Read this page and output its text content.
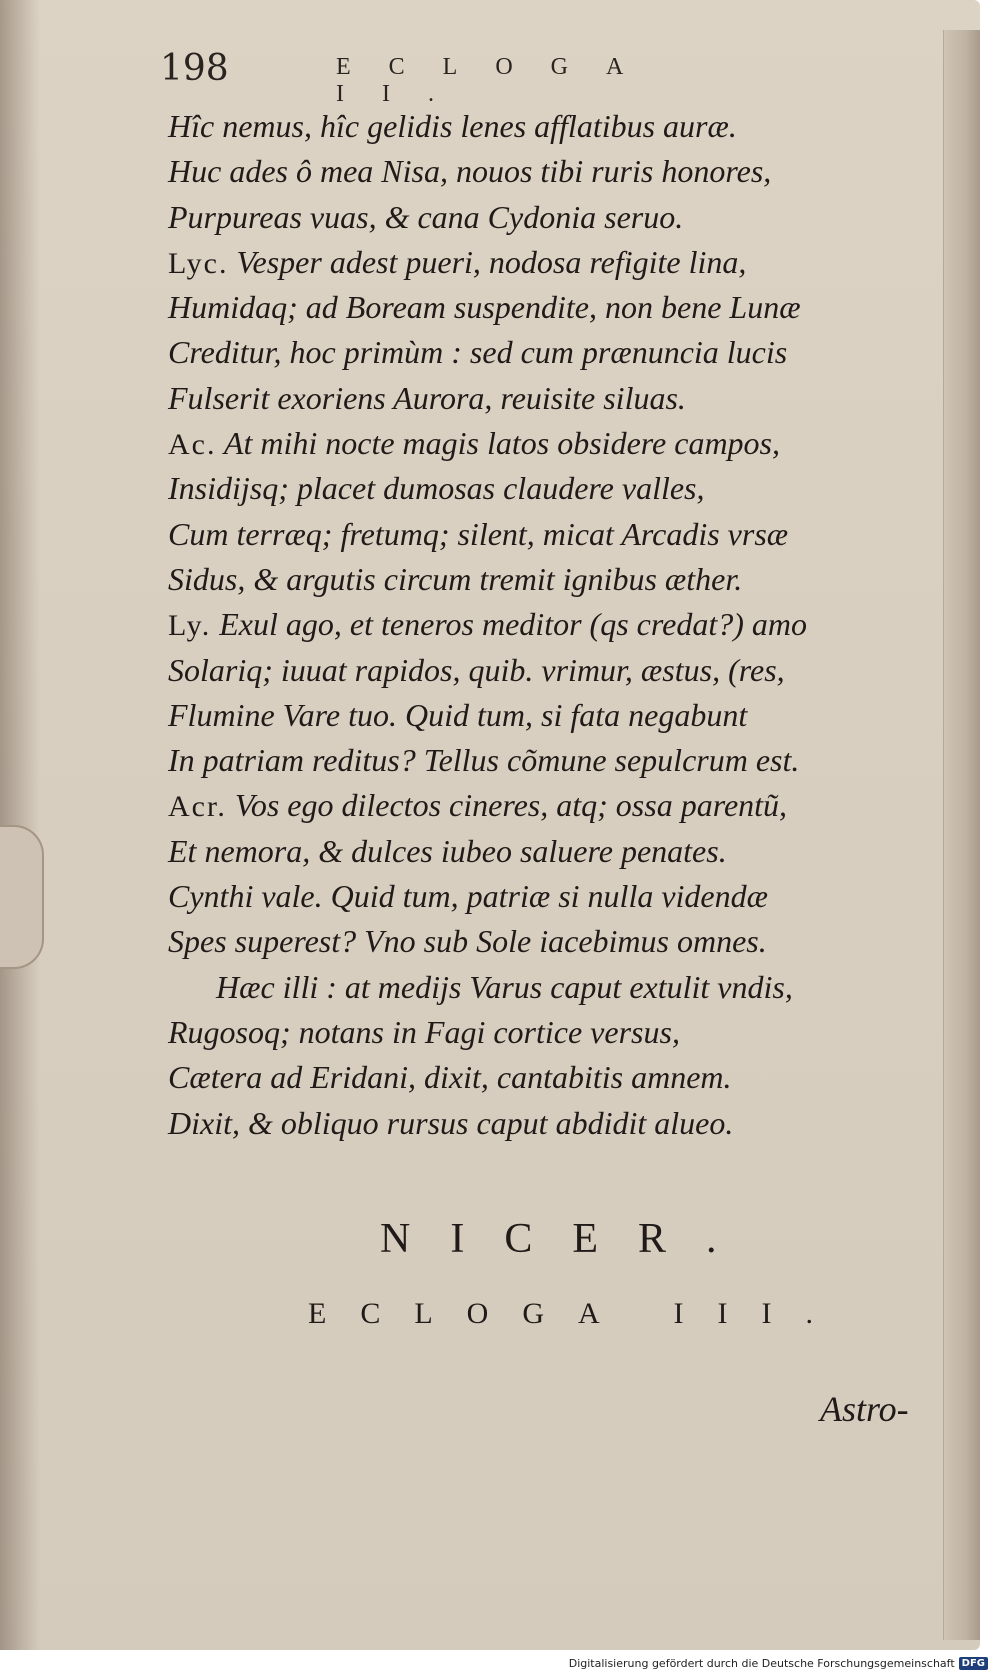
198	ECLOGA II.
Hîc nemus, hîc gelidis lenes afflatibus auræ.
Huc ades ô mea Nisa, nouos tibi ruris honores,
Purpureas vuas, & cana Cydonia seruo.
Lyc. Vesper adest pueri, nodosa refigite lina,
Humidaq; ad Boream suspendite, non bene Lunæ
Creditur, hoc primùm : sed cum prænuncia lucis
Fulserit exoriens Aurora, reuisite siluas.
Ac. At mihi nocte magis latos obsidere campos,
Insidijsq; placet dumosas claudere valles,
Cum terræq; fretumq; silent, micat Arcadis vrsæ
Sidus, & argutis circum tremit ignibus æther.
Ly. Exul ago, et teneros meditor (qs credat?) amo
Solariq; iuuat rapidos, quib. vrimur, æstus, (res,
Flumine Vare tuo. Quid tum, si fata negabunt
In patriam reditus? Tellus cõmune sepulcrum est.
Acr. Vos ego dilectos cineres, atq; ossa parentũ,
Et nemora, & dulces iubeo saluere penates.
Cynthi vale. Quid tum, patriæ si nulla videndæ
Spes superest? Vno sub Sole iacebimus omnes.
Hæc illi : at medijs Varus caput extulit vndis,
Rugosoq; notans in Fagi cortice versus,
Cætera ad Eridani, dixit, cantabitis amnem.
Dixit, & obliquo rursus caput abdidit alueo.
NICER.
ECLOGA III.
Astro-
Digitalisierung gefördert durch die Deutsche Forschungsgemeinschaft DFG
